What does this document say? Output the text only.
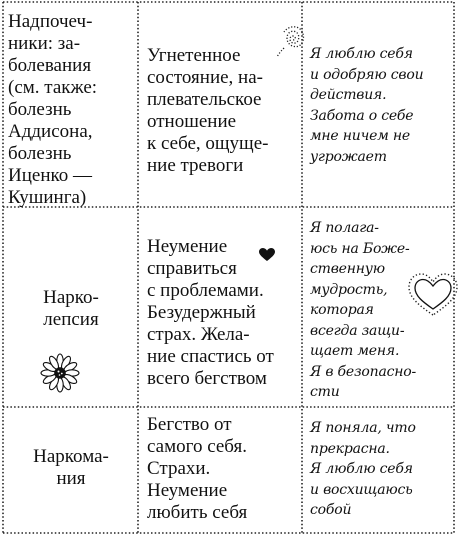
Надпочеч-
ники: за-
болевания
(см. также:
болезнь
Аддисона,
болезнь
Иценко —
Кушинга)
Угнетенное
состояние, на-
плевательское
отношение
к себе, ощуще-
ние тревоги
Я люблю себя
и одобряю свои
действия.
Забота о себе
мне ничем не
угрожает
Нарко-
лепсия
Неумение
справиться
с проблемами.
Безудержный
страх. Жела-
ние спастись от
всего бегством
Я полага-
юсь на Боже-
ственную
мудрость,
которая
всегда защи-
щает меня.
Я в безопасно-
сти
Наркома-
ния
Бегство от
самого себя.
Страхи.
Неумение
любить себя
Я поняла, что
прекрасна.
Я люблю себя
и восхищаюсь
собой
